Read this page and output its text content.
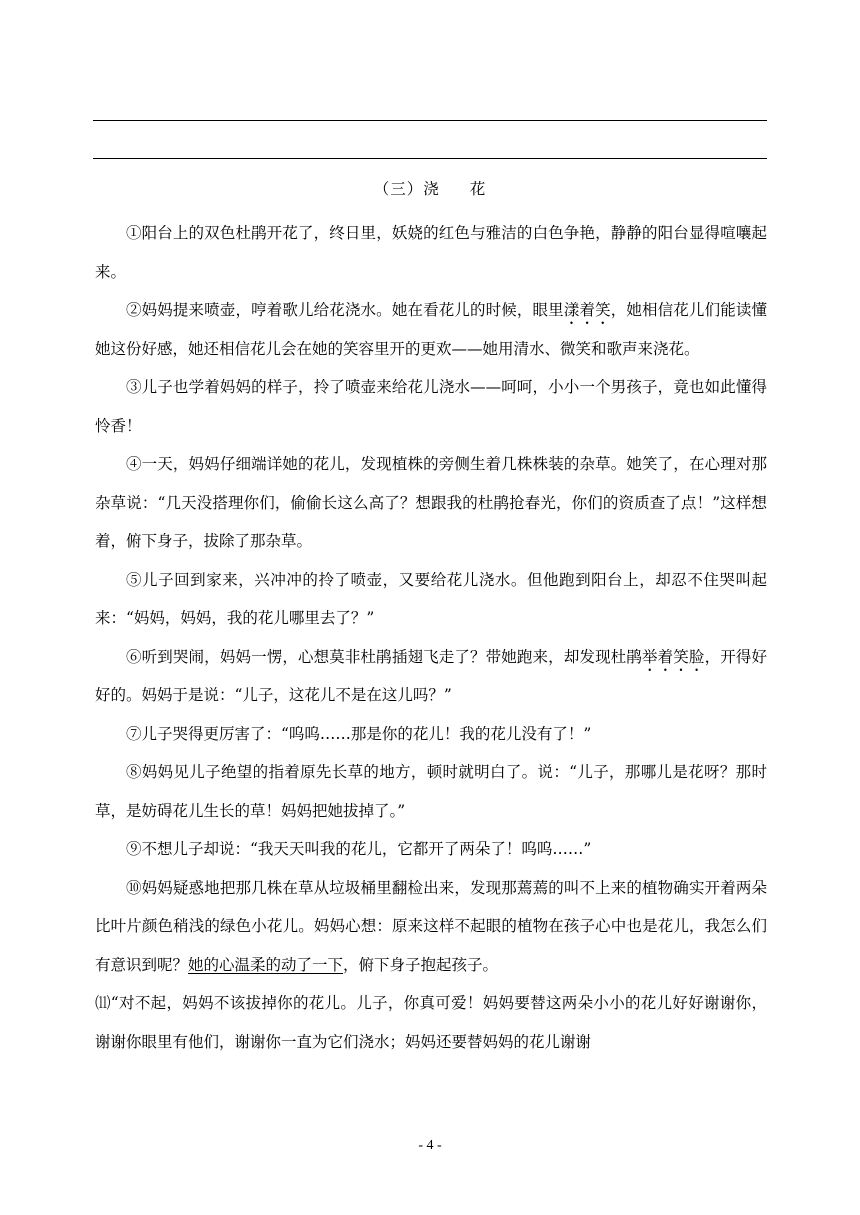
（三）浇 花

①阳台上的双色杜鹃开花了，终日里，妖娆的红色与雅洁的白色争艳，静静的阳台显得喧嚷起来。

②妈妈提来喷壶，哼着歌儿给花浇水。她在看花儿的时候，眼里漾着笑，她相信花儿们能读懂她这份好感，她还相信花儿会在她的笑容里开的更欢——她用清水、微笑和歌声来浇花。

③儿子也学着妈妈的样子，拎了喷壶来给花儿浇水——呵呵，小小一个男孩子，竟也如此懂得怜香！

④一天，妈妈仔细端详她的花儿，发现植株的旁侧生着几株株装的杂草。她笑了，在心理对那杂草说：“几天没搭理你们，偷偷长这么高了？想跟我的杜鹃抢春光，你们的资质查了点！”这样想着，俯下身子，拔除了那杂草。

⑤儿子回到家来，兴冲冲的拎了喷壶，又要给花儿浇水。但他跑到阳台上，却忍不住哭叫起来：“妈妈，妈妈，我的花儿哪里去了？”

⑥听到哭闹，妈妈一愣，心想莫非杜鹃插翅飞走了？带她跑来，却发现杜鹃举着笑脸，开得好好的。妈妈于是说：“儿子，这花儿不是在这儿吗？”

⑦儿子哭得更厉害了：“呜呜……那是你的花儿！我的花儿没有了！”

⑧妈妈见儿子绝望的指着原先长草的地方，顿时就明白了。说：“儿子，那哪儿是花呀？那时草，是妨碍花儿生长的草！妈妈把她拔掉了。”

⑨不想儿子却说：“我天天叫我的花儿，它都开了两朵了！呜呜……”

⑩妈妈疑惑地把那几株在草从垃圾桶里翻检出来，发现那蔫蔫的叫不上来的植物确实开着两朵比叶片颜色稍浅的绿色小花儿。妈妈心想：原来这样不起眼的植物在孩子心中也是花儿，我怎么们有意识到呢？她的心温柔的动了一下，俯下身子抱起孩子。

⑾“对不起，妈妈不该拔掉你的花儿。儿子，你真可爱！妈妈要替这两朵小小的花儿好好谢谢你，谢谢你眼里有他们，谢谢你一直为它们浇水；妈妈还要替妈妈的花儿谢谢

- 4 -
